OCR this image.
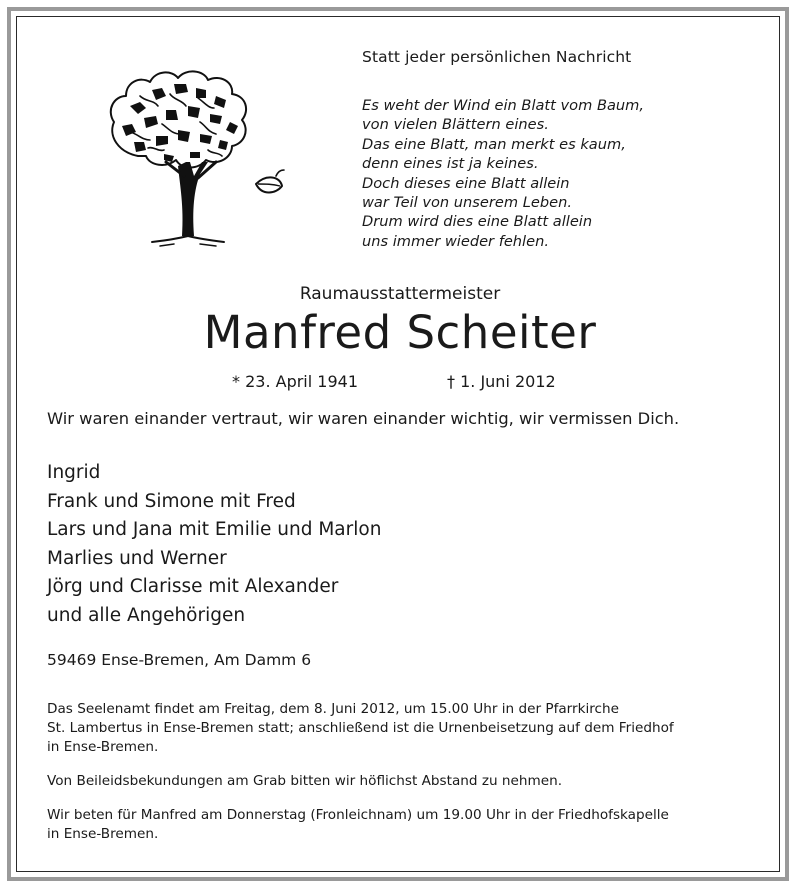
Statt jeder persönlichen Nachricht
Es weht der Wind ein Blatt vom Baum,
von vielen Blättern eines.
Das eine Blatt, man merkt es kaum,
denn eines ist ja keines.
Doch dieses eine Blatt allein
war Teil von unserem Leben.
Drum wird dies eine Blatt allein
uns immer wieder fehlen.
Raumausstattermeister
Manfred Scheiter
* 23. April 1941	† 1. Juni 2012
Wir waren einander vertraut, wir waren einander wichtig, wir vermissen Dich.
Ingrid
Frank und Simone mit Fred
Lars und Jana mit Emilie und Marlon
Marlies und Werner
Jörg und Clarisse mit Alexander
und alle Angehörigen
59469 Ense-Bremen, Am Damm 6
Das Seelenamt findet am Freitag, dem 8. Juni 2012, um 15.00 Uhr in der Pfarrkirche
St. Lambertus in Ense-Bremen statt; anschließend ist die Urnenbeisetzung auf dem Friedhof
in Ense-Bremen.
Von Beileidsbekundungen am Grab bitten wir höflichst Abstand zu nehmen.
Wir beten für Manfred am Donnerstag (Fronleichnam) um 19.00 Uhr in der Friedhofskapelle
in Ense-Bremen.
